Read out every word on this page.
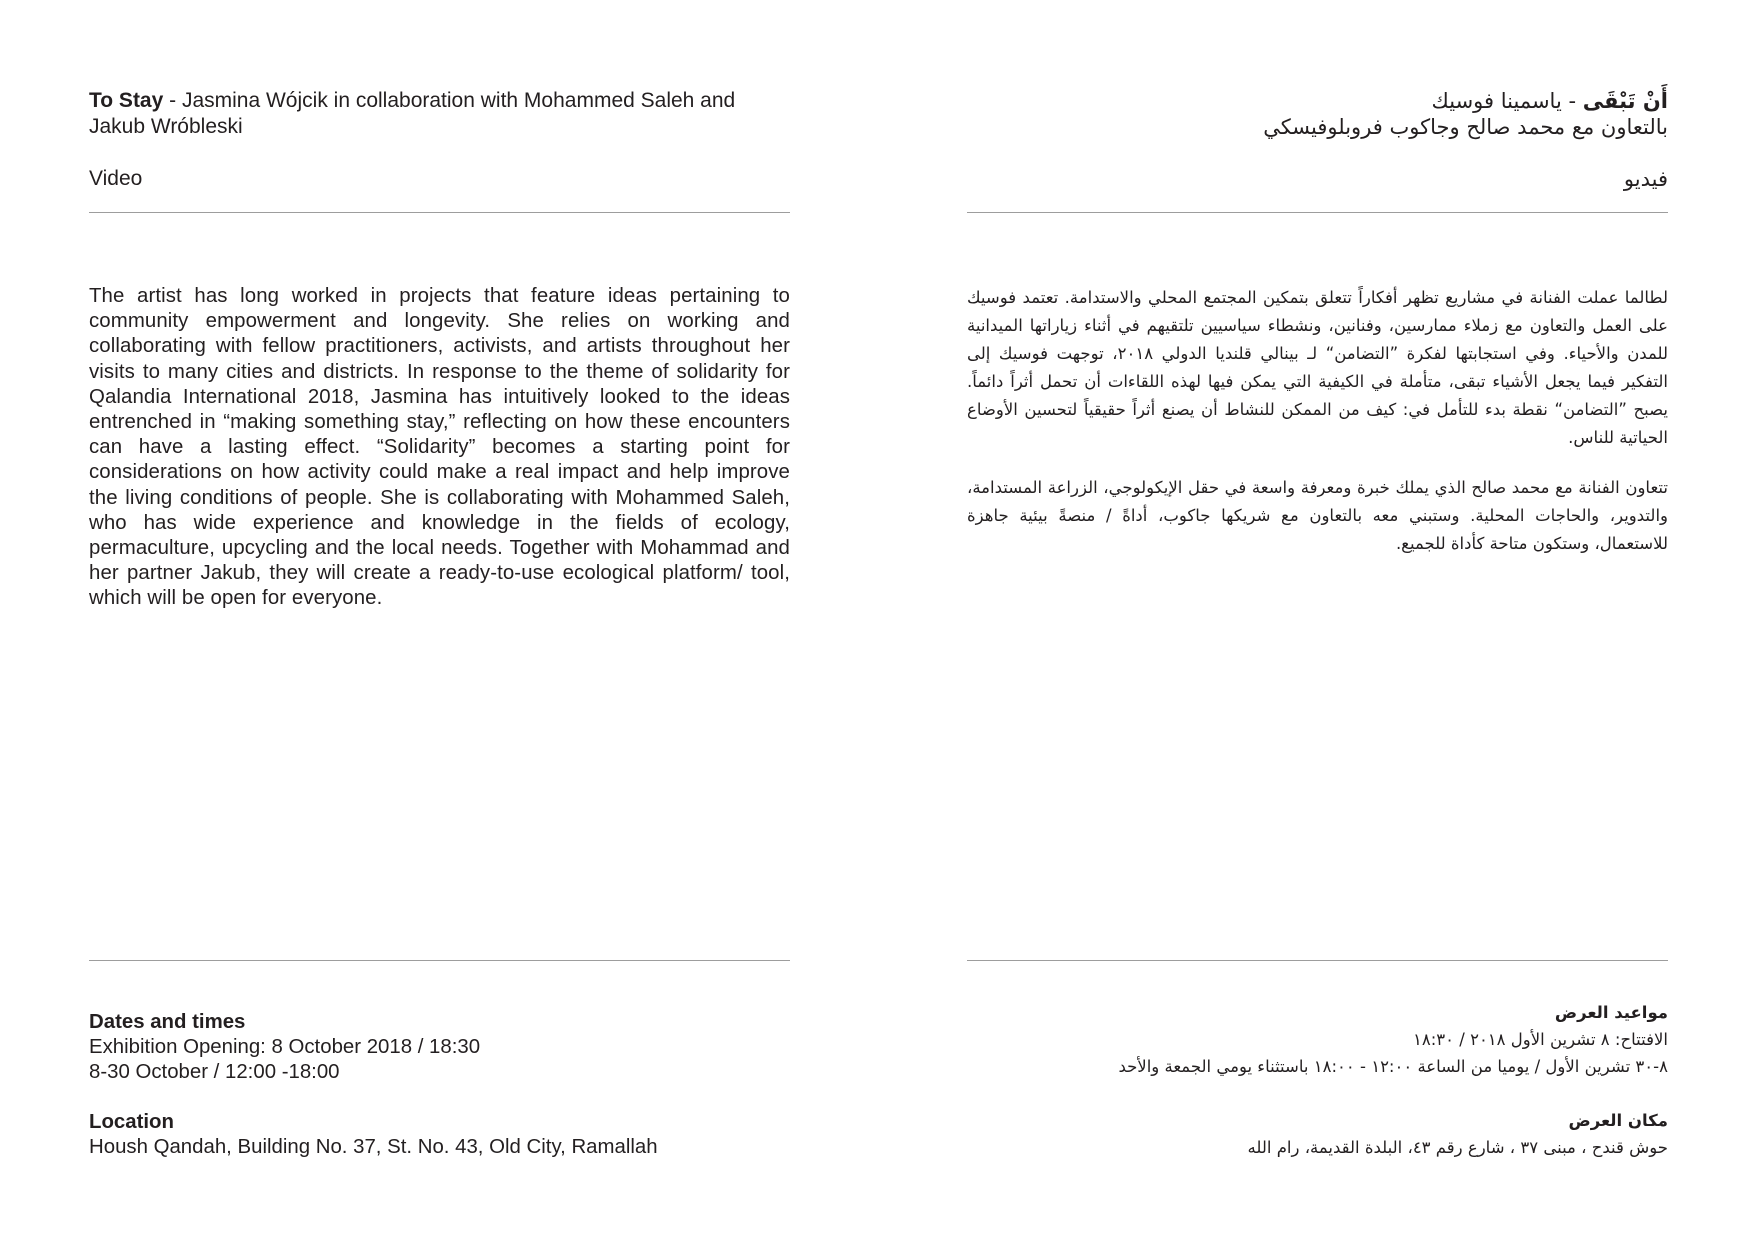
To Stay - Jasmina Wójcik in collaboration with Mohammed Saleh and Jakub Wróbleski
Video
The artist has long worked in projects that feature ideas pertaining to community empowerment and longevity. She relies on working and collaborating with fellow practitioners, activists, and artists throughout her visits to many cities and districts. In response to the theme of solidarity for Qalandia International 2018, Jasmina has intuitively looked to the ideas entrenched in “making something stay,” reflecting on how these encounters can have a lasting effect. “Solidarity” becomes a starting point for considerations on how activity could make a real impact and help improve the living conditions of people. She is collaborating with Mohammed Saleh, who has wide experience and knowledge in the fields of ecology, permaculture, upcycling and the local needs. Together with Mohammad and her partner Jakub, they will create a ready-to-use ecological platform/ tool, which will be open for everyone.
Dates and times
Exhibition Opening: 8 October 2018 / 18:30
8-30 October / 12:00 -18:00
Location
Housh Qandah, Building No. 37, St. No. 43, Old City, Ramallah
أَنْ تَبْقَى - ياسمينا فوسيك
بالتعاون مع محمد صالح وجاكوب فروبلوفيسكي
فيديو
لطالما عملت الفنانة في مشاريع تظهر أفكاراً تتعلق بتمكين المجتمع المحلي والاستدامة. تعتمد فوسيك على العمل والتعاون مع زملاء ممارسين، وفنانين، ونشطاء سياسيين تلتقيهم في أثناء زياراتها الميدانية للمدن والأحياء. وفي استجابتها لفكرة ”التضامن“ لـ بينالي قلنديا الدولي ٢٠١٨، توجهت فوسيك إلى التفكير فيما يجعل الأشياء تبقى، متأملة في الكيفية التي يمكن فيها لهذه اللقاءات أن تحمل أثراً دائماً. يصبح ”التضامن“ نقطة بدء للتأمل في: كيف من الممكن للنشاط أن يصنع أثراً حقيقياً لتحسين الأوضاع الحياتية للناس.
تتعاون الفنانة مع محمد صالح الذي يملك خبرة ومعرفة واسعة في حقل الإيكولوجي، الزراعة المستدامة، والتدوير، والحاجات المحلية. وستبني معه بالتعاون مع شريكها جاكوب، أداةً / منصةً بيئية جاهزة للاستعمال، وستكون متاحة كأداة للجميع.
مواعيد العرض
الافتتاح: ٨ تشرين الأول ٢٠١٨ / ١٨:٣٠
٨-٣٠ تشرين الأول / يوميا من الساعة ١٢:٠٠ - ١٨:٠٠ باستثناء يومي الجمعة والأحد
مكان العرض
حوش قندح ، مبنى ٣٧ ، شارع رقم ٤٣، البلدة القديمة، رام الله
